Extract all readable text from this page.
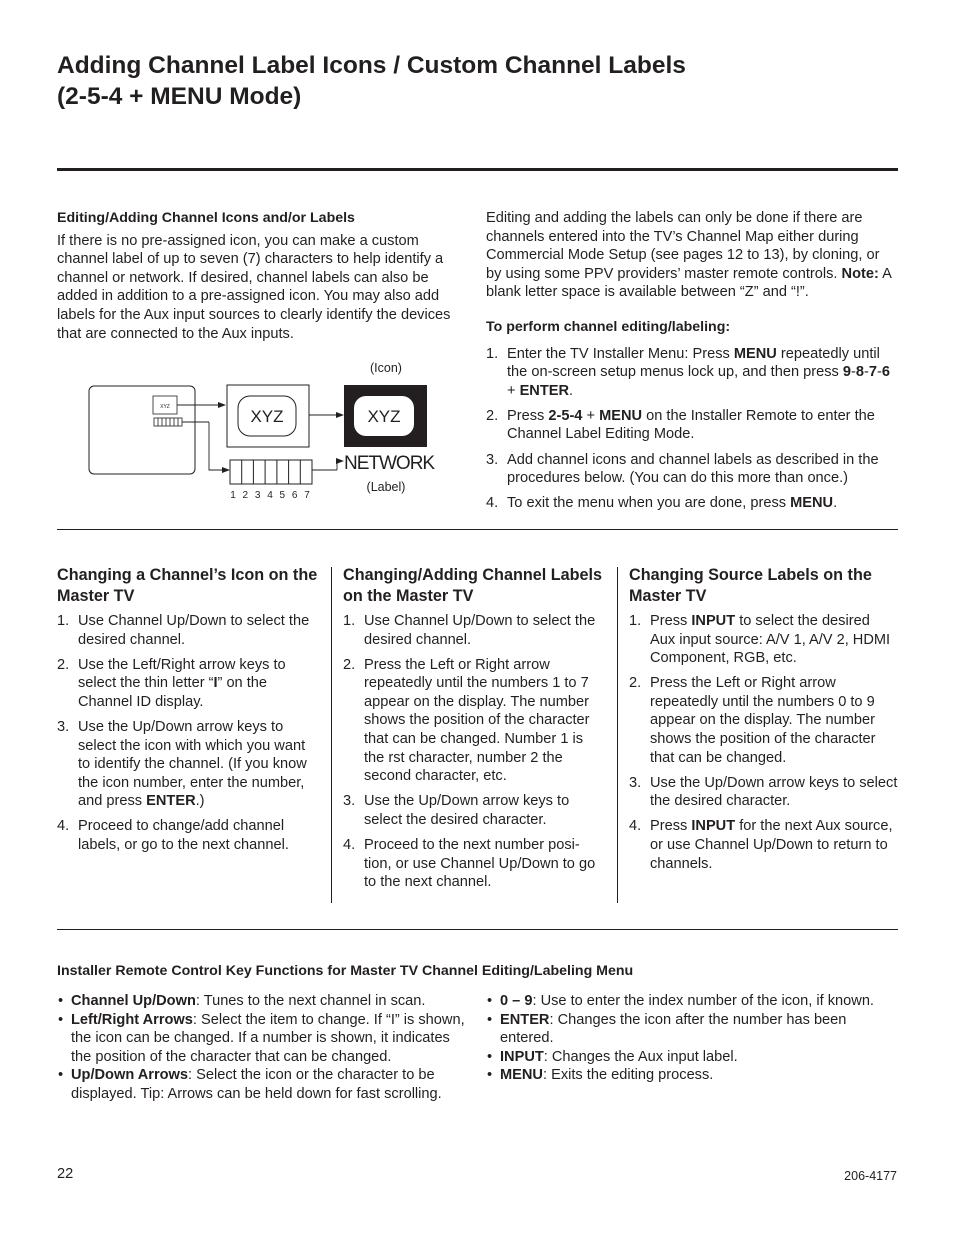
Adding Channel Label Icons / Custom Channel Labels
(2-5-4 + MENU Mode)

Editing/Adding Channel Icons and/or Labels

If there is no pre-assigned icon, you can make a custom channel label of up to seven (7) characters to help identify a channel or network. If desired, channel labels can also be added in addition to a pre-assigned icon. You may also add labels for the Aux input sources to clearly identify the devices that are connected to the Aux inputs.

XYZ	XYZ	XYZ
1 2 3 4 5 6 7
NETWORK
(Icon)
(Label)

Editing and adding the labels can only be done if there are channels entered into the TV’s Channel Map either during Commercial Mode Setup (see pages 12 to 13), by cloning, or by using some PPV providers’ master remote controls. Note: A blank letter space is available between “Z” and “!”.

To perform channel editing/labeling:

1. Enter the TV Installer Menu: Press MENU repeatedly until the on-screen setup menus lock up, and then press 9-8-7-6 + ENTER.
2. Press 2-5-4 + MENU on the Installer Remote to enter the Channel Label Editing Mode.
3. Add channel icons and channel labels as described in the procedures below. (You can do this more than once.)
4. To exit the menu when you are done, press MENU.
Changing a Channel’s Icon on the Master TV
1. Use Channel Up/Down to select the desired channel.
2. Use the Left/Right arrow keys to select the thin letter “I” on the Channel ID display.
3. Use the Up/Down arrow keys to select the icon with which you want to identify the channel. (If you know the icon number, enter the number, and press ENTER.)
4. Proceed to change/add channel labels, or go to the next channel.
Changing/Adding Channel Labels on the Master TV
1. Use Channel Up/Down to select the desired channel.
2. Press the Left or Right arrow repeatedly until the numbers 1 to 7 appear on the display. The number shows the position of the character that can be changed. Number 1 is the rst character, number 2 the second character, etc.
3. Use the Up/Down arrow keys to select the desired character.
4. Proceed to the next number posi-tion, or use Channel Up/Down to go to the next channel.
Changing Source Labels on the Master TV
1. Press INPUT to select the desired Aux input source: A/V 1, A/V 2, HDMI Component, RGB, etc.
2. Press the Left or Right arrow repeatedly until the numbers 0 to 9 appear on the display. The number shows the position of the character that can be changed.
3. Use the Up/Down arrow keys to select the desired character.
4. Press INPUT for the next Aux source, or use Channel Up/Down to return to channels.
Installer Remote Control Key Functions for Master TV Channel Editing/Labeling Menu
• Channel Up/Down: Tunes to the next channel in scan.
• Left/Right Arrows: Select the item to change. If “I” is shown, the icon can be changed. If a number is shown, it indicates the position of the character that can be changed.
• Up/Down Arrows: Select the icon or the character to be displayed. Tip: Arrows can be held down for fast scrolling.
• 0 – 9: Use to enter the index number of the icon, if known.
• ENTER: Changes the icon after the number has been entered.
• INPUT: Changes the Aux input label.
• MENU: Exits the editing process.
22	206-4177
